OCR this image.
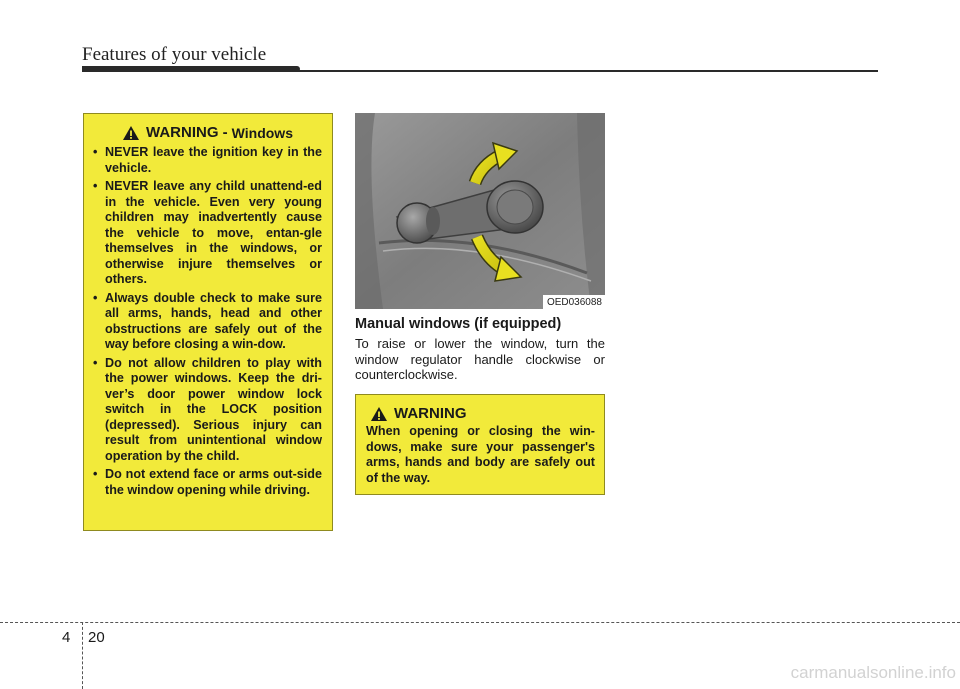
Features of your vehicle
WARNING - Windows
• NEVER leave the ignition key in the vehicle.
• NEVER leave any child unattend-ed in the vehicle. Even very young children may inadvertently cause the vehicle to move, entan-gle themselves in the windows, or otherwise injure themselves or others.
• Always double check to make sure all arms, hands, head and other obstructions are safely out of the way before closing a win-dow.
• Do not allow children to play with the power windows. Keep the dri-ver’s door power window lock switch in the LOCK position (depressed). Serious injury can result from unintentional window operation by the child.
• Do not extend face or arms out-side the window opening while driving.
OED036088
Manual windows (if equipped)
To raise or lower the window, turn the window regulator handle clockwise or counterclockwise.
WARNING
When opening or closing the win-dows, make sure your passenger's arms, hands and body are safely out of the way.
4 20
carmanualsonline.info
